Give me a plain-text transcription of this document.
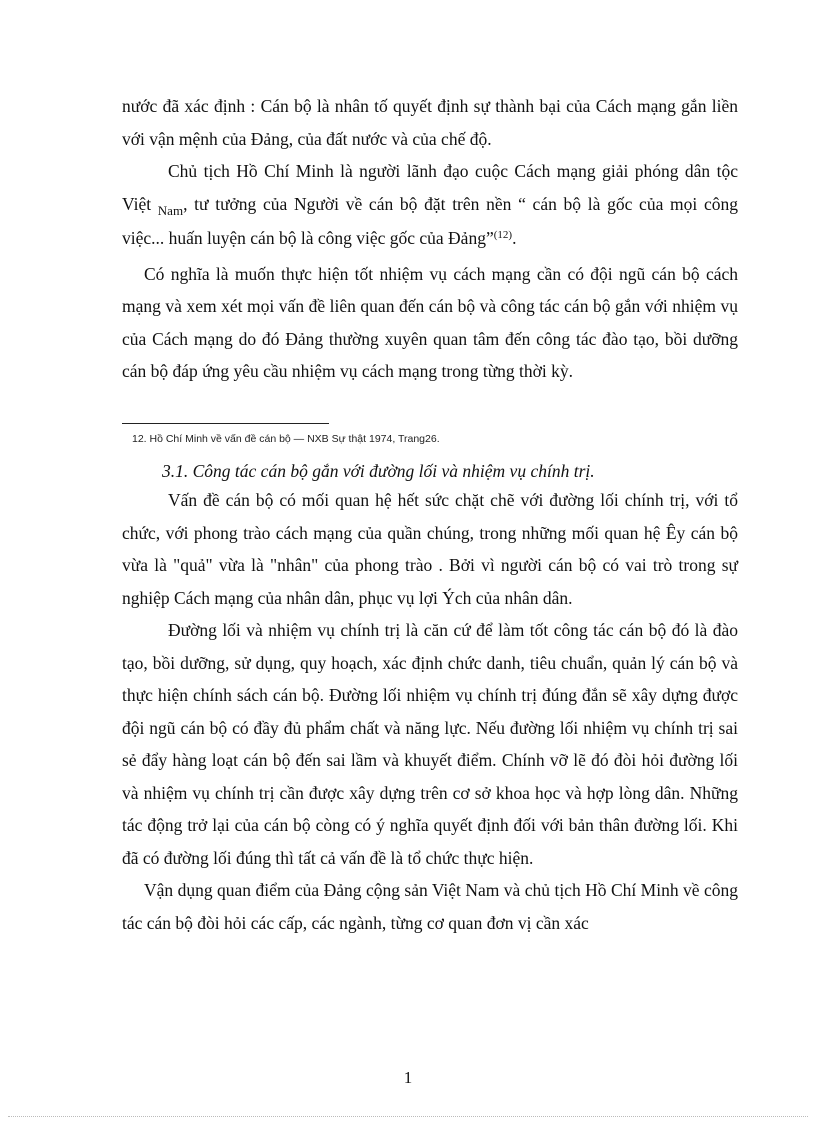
nước đã xác định : Cán bộ là nhân tố quyết định sự thành bại của Cách mạng gắn liền với vận mệnh của Đảng, của đất nước và của chế độ.

Chủ tịch Hồ Chí Minh là người lãnh đạo cuộc Cách mạng giải phóng dân tộc Việt $_{Nam}$, tư tưởng của Người về cán bộ đặt trên nền “ cán bộ là gốc của mọi công việc... huấn luyện cán bộ là công việc gốc của Đảng”$^{(12)}$.

Có nghĩa là muốn thực hiện tốt nhiệm vụ cách mạng cần có đội ngũ cán bộ cách mạng và xem xét mọi vấn đề liên quan đến cán bộ và công tác cán bộ gắn với nhiệm vụ của Cách mạng do đó Đảng thường xuyên quan tâm đến công tác đào tạo, bồi dưỡng cán bộ đáp ứng yêu cầu nhiệm vụ cách mạng trong từng thời kỳ.

12. Hồ Chí Minh về vấn đề cán bộ — NXB Sự thật 1974, Trang26.
3.1. Công tác cán bộ gắn với đường lối và nhiệm vụ chính trị.

Vấn đề cán bộ có mối quan hệ hết sức chặt chẽ với đường lối chính trị, với tổ chức, với phong trào cách mạng của quần chúng, trong những mối quan hệ Êy cán bộ vừa là "quả" vừa là "nhân" của phong trào . Bởi vì người cán bộ có vai trò trong sự nghiệp Cách mạng của nhân dân, phục vụ lợi Ých của nhân dân.

Đường lối và nhiệm vụ chính trị là căn cứ để làm tốt công tác cán bộ đó là đào tạo, bồi dưỡng, sử dụng, quy hoạch, xác định chức danh, tiêu chuẩn, quản lý cán bộ và thực hiện chính sách cán bộ. Đường lối nhiệm vụ chính trị đúng đắn sẽ xây dựng được đội ngũ cán bộ có đầy đủ phẩm chất và năng lực. Nếu đường lối nhiệm vụ chính trị sai sẻ đẩy hàng loạt cán bộ đến sai lầm và khuyết điểm. Chính vỡ lẽ đó đòi hỏi đường lối và nhiệm vụ chính trị cần được xây dựng trên cơ sở khoa học và hợp lòng dân. Những tác động trở lại của cán bộ còng có ý nghĩa quyết định đối với bản thân đường lối. Khi đã có đường lối đúng thì tất cả vấn đề là tổ chức thực hiện.

Vận dụng quan điểm của Đảng cộng sản Việt Nam và chủ tịch Hồ Chí Minh về công tác cán bộ đòi hỏi các cấp, các ngành, từng cơ quan đơn vị cần xác

1
